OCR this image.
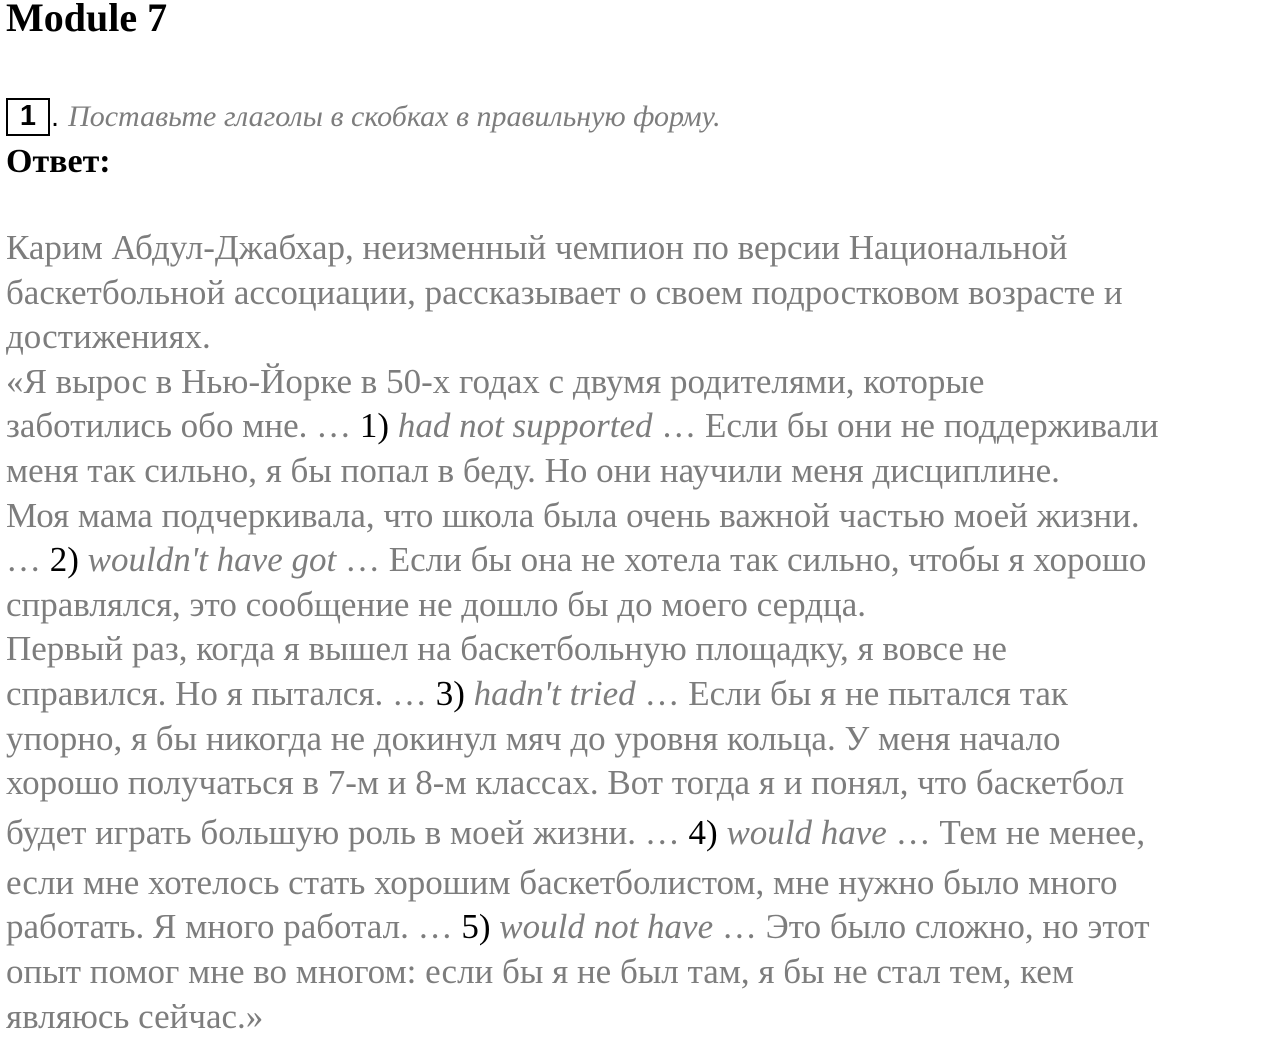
Module 7
1 . Поставьте глаголы в скобках в правильную форму.
Ответ:
Карим Абдул-Джабхар, неизменный чемпион по версии Национальной
баскетбольной ассоциации, рассказывает о своем подростковом возрасте и
достижениях.
«Я вырос в Нью-Йорке в 50-х годах с двумя родителями, которые
заботились обо мне. … 1) had not supported … Если бы они не поддерживали
меня так сильно, я бы попал в беду. Но они научили меня дисциплине.
Моя мама подчеркивала, что школа была очень важной частью моей жизни.
… 2) wouldn't have got … Если бы она не хотела так сильно, чтобы я хорошо
справлялся, это сообщение не дошло бы до моего сердца.
Первый раз, когда я вышел на баскетбольную площадку, я вовсе не
справился. Но я пытался. … 3) hadn't tried … Если бы я не пытался так
упорно, я бы никогда не докинул мяч до уровня кольца. У меня начало
хорошо получаться в 7-м и 8-м классах. Вот тогда я и понял, что баскетбол
будет играть большую роль в моей жизни. … 4) would have … Тем не менее,
если мне хотелось стать хорошим баскетболистом, мне нужно было много
работать. Я много работал. … 5) would not have … Это было сложно, но этот
опыт помог мне во многом: если бы я не был там, я бы не стал тем, кем
являюсь сейчас.»
